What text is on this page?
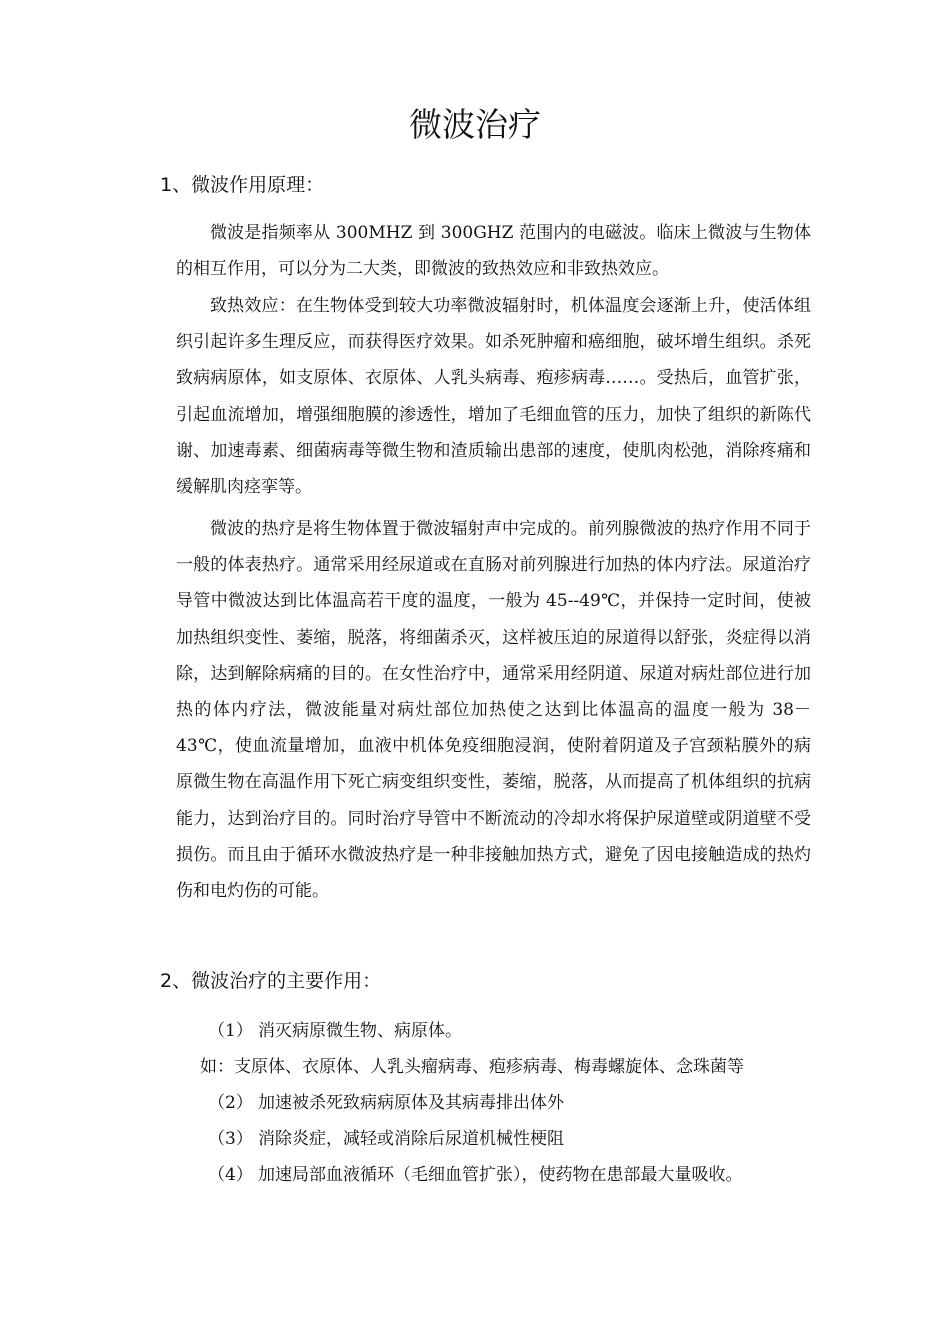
微波治疗
1、微波作用原理：

微波是指频率从 300MHZ 到 300GHZ 范围内的电磁波。临床上微波与生物体的相互作用，可以分为二大类，即微波的致热效应和非致热效应。

致热效应：在生物体受到较大功率微波辐射时，机体温度会逐渐上升，使活体组织引起许多生理反应，而获得医疗效果。如杀死肿瘤和癌细胞，破坏增生组织。杀死致病病原体，如支原体、衣原体、人乳头病毒、疱疹病毒……。受热后，血管扩张，引起血流增加，增强细胞膜的渗透性，增加了毛细血管的压力，加快了组织的新陈代谢、加速毒素、细菌病毒等微生物和渣质输出患部的速度，使肌肉松弛，消除疼痛和缓解肌肉痉挛等。

微波的热疗是将生物体置于微波辐射声中完成的。前列腺微波的热疗作用不同于一般的体表热疗。通常采用经尿道或在直肠对前列腺进行加热的体内疗法。尿道治疗导管中微波达到比体温高若干度的温度，一般为 45--49℃，并保持一定时间，使被加热组织变性、萎缩，脱落，将细菌杀灭，这样被压迫的尿道得以舒张，炎症得以消除，达到解除病痛的目的。在女性治疗中，通常采用经阴道、尿道对病灶部位进行加热的体内疗法，微波能量对病灶部位加热使之达到比体温高的温度一般为 38－43℃，使血流量增加，血液中机体免疫细胞浸润，使附着阴道及子宫颈粘膜外的病原微生物在高温作用下死亡病变组织变性，萎缩，脱落，从而提高了机体组织的抗病能力，达到治疗目的。同时治疗导管中不断流动的冷却水将保护尿道壁或阴道壁不受损伤。而且由于循环水微波热疗是一种非接触加热方式，避免了因电接触造成的热灼伤和电灼伤的可能。

2、微波治疗的主要作用：
（1） 消灭病原微生物、病原体。
如：支原体、衣原体、人乳头瘤病毒、疱疹病毒、梅毒螺旋体、念珠菌等
（2） 加速被杀死致病病原体及其病毒排出体外
（3） 消除炎症，减轻或消除后尿道机械性梗阻
（4） 加速局部血液循环（毛细血管扩张），使药物在患部最大量吸收。
